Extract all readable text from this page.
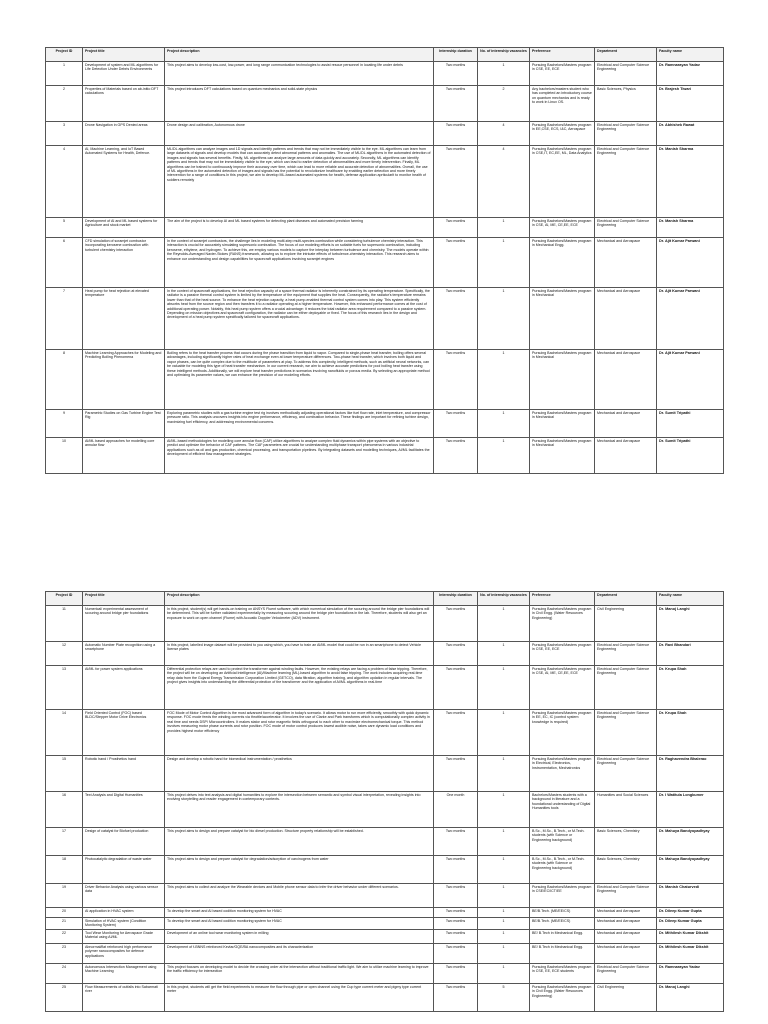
Project ID	Project title	Project description	Internship duration	No. of internship vacancies	Preference	Department	Faculty name
1	Development of system and ML algorithms for Life Detection Under Debris Environments	This project aims to develop low-cost, low-power, and long range communication technologies to assist rescue personnel in locating life under debris	Two months	1	Pursuing Bachelors/Masters program in CSE, EE, ECE	Electrical and Computer Science Engineering	Dr. Ramnarayan Yadav
2	Properties of Materials based on ab-initio DFT calculations	This project introduces DFT calculations based on quantum mechanics and solid-state physics	Two months	2	Any bachelors/masters student who has completed an introductory course on quantum mechanics and is ready to work in Linux OS.	Basic Sciences, Physics	Dr. Brajesh Tiwari
3	Drone Navigation in GPS Denied areas	Drone design and calibration, Autonomous drone	Two months	4	Pursuing Bachelors/Masters program in EE,CSE, ECS, I&C, Aerospace	Electrical and Computer Science Engineering	Dr. Abhishek Rawat
4	AI, Machine Learning, and IoT Based Automated Systems for Health, Defence.	ML/DL algorithms can analyze images and 1D signals and identify patterns and trends that may not be immediately visible to the eye. ML algorithms can learn from large datasets of signals and develop models that can accurately detect abnormal patterns and anomalies. The use of ML/DL algorithms in the automated detection of images and signals has several benefits. Firstly, ML algorithms can analyze large amounts of data quickly and accurately. Secondly, ML algorithms can identify patterns and trends that may not be immediately visible to the eye, which can lead to earlier detection of abnormalities and more timely intervention. Finally, ML algorithms can be trained to continuously improve their accuracy over time, which can lead to more reliable and accurate detection of abnormalities. Overall, the use of ML algorithms in the automated detection of images and signals has the potential to revolutionize healthcare by enabling earlier detection and more timely intervention for a range of conditions.In this project, we aim to develop ML-based automated systems for health, defense application aprticularlt to monitor health of soldiers remotely	Two months	4	Pursuing Bachelors/Masters program in CSE,IT, EC,EE, ML, Data Analytics	Electrical and Computer Science Engineering	Dr. Manish Sharma
5	Development of AI and ML based systems for Agriculture and stock market	The aim of the project is to develop AI and ML based systems for detecting plant diseases and automated precision farming	Two months	1	Pursuing Bachelors/Masters program in CSE, AI, ME, CE,EE, ECE	Electrical and Computer Science Engineering	Dr. Manish Sharma
6	CFD simulation of scramjet combustor incorporating kerosene combustion with turbulent chemistry interaction	In the context of scramjet combustors, the challenge lies in modeling multi-step multi-species combustion while considering turbulence chemistry interaction. This interaction is crucial for accurately simulating supersonic combustion. The focus of our modeling efforts is on suitable fuels for supersonic combustion, including kerosene, ethylene, and hydrogen. To achieve this, we employ various models to capture the interplay between turbulence and chemistry. The models operate within the Reynolds-Averaged Navier-Stokes (RANS) framework, allowing us to explore the intricate effects of turbulence-chemistry interaction. This research aims to enhance our understanding and design capabilities for spacecraft applications involving scramjet engines	Two months	1	Pursuing Bachelors/Masters program in Mechanical Engg.	Mechanical and Aerospace	Dr. Ajit Kumar Parwani
7	Heat pump for heat rejection at elevated temperature	In the context of spacecraft applications, the heat rejection capacity of a space thermal radiator is inherently constrained by its operating temperature. Specifically, the radiator is a passive thermal control system is limited by the temperature of the equipment that supplies the heat. Consequently, the radiator's temperature remains lower than that of the heat source. To enhance the heat rejection capacity, a heat pump-enabled thermal control system comes into play. This system efficiently absorbs heat from the source region and then transfers it to a radiator operating at a higher temperature. However, this enhanced performance comes at the cost of additional operating power. Notably, this heat pump system offers a crucial advantage: it reduces the total radiator area requirement compared to a passive system. Depending on mission objectives and spacecraft configuration, the radiator can be either deployable or fixed. The focus of this research lies in the design and development of a heat pump system specifically tailored for spacecraft applications.	Two months	1	Pursuing Bachelors/Masters program in Mechanical	Mechanical and Aerospace	Dr. Ajit Kumar Parwani
8	Machine Learning Approaches for Modeling and Predicting Boiling Phenomena	Boiling refers to the heat transfer process that occurs during the phase transition from liquid to vapor. Compared to single-phase heat transfer, boiling offers several advantages, including significantly higher rates of heat exchange even at lower temperature differences. Two-phase heat transfer, which involves both liquid and vapor phases, can be quite complex due to the multitude of parameters at play. To address this complexity, intelligent methods, such as artificial neural networks, can be valuable for modeling this type of heat transfer mechanism. In our current research, we aim to achieve accurate predictions for pool boiling heat transfer using these intelligent methods. Additionally, we will explore heat transfer predictions in scenarios involving nanofluids or porous media. By selecting an appropriate method and optimizing its parameter values, we can enhance the precision of our modeling efforts.	Two months	1	Pursuing Bachelors/Masters program in Mechanical	Mechanical and Aerospace	Dr. Ajit Kumar Parwani
9	Parametric Studies on Gas Turbine Engine Test Rig	Exploring parametric studies with a gas turbine engine test rig involves methodically adjusting operational factors like fuel flow rate, inlet temperature, and compressor pressure ratio. This analysis uncovers insights into engine performance, efficiency, and combustion behavior. These findings are important for refining turbine design, maximizing fuel efficiency, and addressing environmental concerns.	Two months	1	Pursuing Bachelors/Masters program in Mechanical	Mechanical and Aerospace	Dr. Sumit Tripathi
10	AI/ML based approaches for modelling core annular flow	AI/ML-based methodologies for modelling core annular flow (CAF) utilize algorithms to analyze complex fluid dynamics within pipe systems with an objective to predict and optimize the behavior of CAF patterns. The CAF parameters are crucial for understanding multiphase transport phenomena in various industrial applications such as oil and gas production, chemical processing, and transportation pipelines. By integrating datasets and modelling techniques, AI/ML facilitates the development of efficient flow management strategies.	Two months	1	Pursuing Bachelors/Masters program in Mechanical	Mechanical and Aerospace	Dr. Sumit Tripathi
Project ID	Project title	Project description	Internship duration	No. of internship vacancies	Preference	Department	Faculty name
11	Numerical/ experimental assessment of scouring around bridge pier foundations	In this project, student(s) will get hands-on training on ANSYS Fluent software, with which numerical simulation of the scouring around the bridge pier foundations will be determined. This will be further validated experimentally by measuring scouring around the bridge pier foundations in the lab. Therefore, students will also get an exposure to work on open channel (Flume) with Acoustic Doppler Velocimeter (ADV) instrument.	Two months	1	Pursuing Bachelors/Masters program in Civil Engg. (Water Resources Engineering)	Civil Engineering	Dr. Manoj Langhi
12	Automatic Number Plate recognition using a smartphone	In this project, labelled image dataset will be provided to you using which, you have to train an AI/ML model that could be run in an smartphone to detect Vehicle license plates	Two months	1	Pursuing Bachelors/Masters program in CSE, EE, ECE	Electrical and Computer Science Engineering	Dr. Ravi Bhandari
13	AI/ML for power system applications	Differential protection relays are used to protect the transformer against winding faults. However, the existing relays are facing a problem of false tripping. Therefore, the project will be on developing an Artificial Intelligence (AI)/Machine learning (ML)-based algorithm to avoid false tripping. The work includes acquiring real-time relay data from the Gujarat Energy Transmission Corporation Limited (GETCO), data filtration, algorithm training, and algorithm updation in regular intervals. The project gives insights into understanding the differential protection of the transformer and the application of AI/ML algorithms in real-time	Two months	1	Pursuing Bachelors/Masters program in CSE, AI, ME, CE,EE, ECE	Electrical and Computer Science Engineering	Dr. Krupa Shah
14	Field Oriented Control (FOC) based BLDC/Stepper Motor Drive Electronics	FOC Mode of Motor Control Algorithm is the most advanced form of algorithm in today's scenario. It allows motor to run more efficiently, smoothly with quick dynamic response. FOC mode feeds the winding currents via throttle/accelerator. It involves the use of Clarke and Park transforms which is computationally complex activity in real time and needs DSP/ Microcontrollers. It makes stator and rotor magnetic fields orthogonal to each other to maximize electromechanical torque. This method involves measuring motor phase currents and rotor position. FOC mode of motor control produces lowest audible noise, takes care dynamic load conditions and provides highest motor efficiency	Two months	1	Pursuing Bachelors/Masters program in EE, EC, IC (control system knowledge is required)	Electrical and Computer Science Engineering	Dr. Krupa Shah
15	Robotic hand / Prosthetics hand	Design and develop a robotic hand for biomedical instrumentation / prosthetics	Two months	1	Pursuing Bachelors/Masters program in Electrical, Electronics, Instrumentation, Mechatronics	Electrical and Computer Science Engineering	Dr. Raghavendra Bhalerao
16	Text Analysis and Digital Humanities	This project delves into text analysis and digital humanities to explore the intersection between semantic and symbol visual interpretation, revealing insights into evolving storytelling and reader engagement in contemporary contexts.	One month	1	Bachelors/Masters students with a background in literature and a foundational understanding of Digital Humanities tools	Humanities and Social Sciences	Dr. I Watitula Longkumer
17	Design of catalyst for Biofuel production	This project aims to design and prepare catalyst for bio diesel production. Structure property relationship will be established.	Two months	1	B.Sc., M.Sc., B.Tech., or M.Tech. students (with Science or Engineering background)	Basic Sciences, Chemistry	Dr. Mahuya Bandyopadhyay
18	Photocatalytic degradation of waste water	This project aims to design and prepare catalyst for degradation/adsorption of carcinogens from water	Two months	1	B.Sc., M.Sc., B.Tech., or M.Tech. students (with Science or Engineering background)	Basic Sciences, Chemistry	Dr. Mahuya Bandyopadhyay
19	Driver Behavior Analysis using various sensor data	This project aims to collect and analyze the Wearable devices and Mobile phone sensor data to infer the driver behavior under different scenarios.	Two months	1	Pursuing Bachelors/Masters program in CSE/EC/ICT/EE	Electrical and Computer Science Engineering	Dr. Manish Chaturvedi
20	AI application in HVAC system	To develop the smart and AI based codition monitoring system for HVAC	Two months	1	BE/B.Tech. (ME/EE/CS)	Mechanical and Aerospace	Dr. Dileep Kumar Gupta
21	Simulation of HVAC system (Condition Monitoring System)	To develop the smart and AI based codition monitoring system for HVAC	Two months	1	BE/B.Tech. (ME/EE/CS)	Mechanical and Aerospace	Dr. Dileep Kumar Gupta
22	Tool Wear Monitoring for Aerospace Grade Material using AI/ML	Development of an online tool wear monitoring system in milling	Two months	1	BE/ B.Tech in Mechanical Engg.	Mechanical and Aerospace	Dr. Mithilesh Kumar Dikshit
23	Abnormal/flat reinforced high performance polymer nanocomposites for defence applications	Development of f-BNNS reinforced Kevlar/GQE/BA nanocomposites and its characterization	Two months	1	BE/ B.Tech in Mechanical Engg.	Mechanical and Aerospace	Dr. Mithilesh Kumar Dikshit
24	Autonomous Intersection Management using Machine Learning	This project focuses on developing model to decide the crossing order at the intersection without traditional traffic light. We aim to utilize machine learning to improve the traffic efficiency for intersection	Two months	1	Pursuing Bachelors/Masters program in CSE, EE, ECE students	Electrical and Computer Science Engineering	Dr. Ramnarayan Yadav
25	Flow Measurements of outfalls into Sabarmati river	In this project, students will get the field experiments to measure the flow through pipe or open channel using the Cup type current meter and pigmy type current meter	Two months	5	Pursuing Bachelors/Masters program in Civil Engg. (Water Resources Engineering)	Civil Engineering	Dr. Manoj Langhi
